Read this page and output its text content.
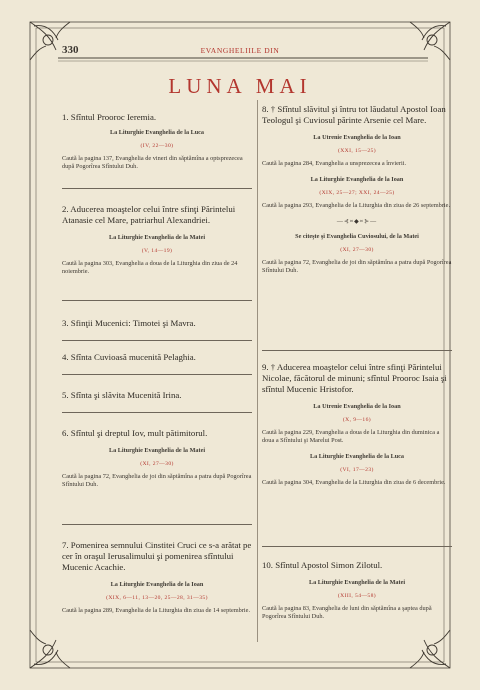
330	EVANGHELIILE DIN
LUNA MAI
1. Sfîntul Prooroc Ieremia.
La Liturghie Evanghelia de la Luca
(IV, 22—30)
Caută la pagina 137, Evanghelia de vineri din săptămîna a optsprezecea după Pogorîrea Sfîntului Duh.
2. Aducerea moaştelor celui între sfinţi Părintelui Atanasie cel Mare, patriarhul Alexandriei.
La Liturghie Evanghelia de la Matei
(V, 14—19)
Caută la pagina 303, Evanghelia a doua de la Liturghia din ziua de 24 noiembrie.
3. Sfinţii Mucenici: Timotei şi Mavra.
4. Sfînta Cuvioasă mucenită Pelaghia.
5. Sfînta şi slăvita Mucenită Irina.
6. Sfîntul şi dreptul Iov, mult pătimitorul.
La Liturghie Evanghelia de la Matei
(XI, 27—30)
Caută la pagina 72, Evanghelia de joi din săptămîna a patra după Pogorîrea Sfîntului Duh.
7. Pomenirea semnului Cinstitei Cruci ce s-a arătat pe cer în oraşul Ierusalimului şi pomenirea sfîntului Mucenic Acachie.
La Liturghie Evanghelia de la Ioan
(XIX, 6—11, 13—20, 25—28, 31—35)
Caută la pagina 289, Evanghelia de la Liturghia din ziua de 14 septembrie.
8. † Sfîntul slăvitul şi întru tot lăudatul Apostol Ioan Teologul şi Cuviosul părinte Arsenie cel Mare.
La Utrenie Evanghelia de la Ioan
(XXI, 15—25)
Caută la pagina 284, Evanghelia a unsprezecea a învierii.
La Liturghie Evanghelia de la Ioan
(XIX, 25—27; XXI, 24—25)
Caută la pagina 293, Evanghelia de la Liturghia din ziua de 26 septembrie.
—⊰≈◆≈⊱—
Se citeşte şi Evanghelia Cuviosului, de la Matei
(XI, 27—30)
Caută la pagina 72, Evanghelia de joi din săptămîna a patra după Pogorîrea Sfîntului Duh.
9. † Aducerea moaştelor celui între sfinţi Părintelui Nicolae, făcătorul de minuni; sfîntul Prooroc Isaia şi sfîntul Mucenic Hristofor.
La Utrenie Evanghelia de la Ioan
(X, 9—16)
Caută la pagina 229, Evanghelia a doua de la Liturghia din duminica a doua a Sfîntului şi Marelui Post.
La Liturghie Evanghelia de la Luca
(VI, 17—23)
Caută la pagina 304, Evanghelia de la Liturghia din ziua de 6 decembrie.
10. Sfîntul Apostol Simon Zilotul.
La Liturghie Evanghelia de la Matei
(XIII, 54—58)
Caută la pagina 83, Evanghelia de luni din săptămîna a şaptea după Pogorîrea Sfîntului Duh.
